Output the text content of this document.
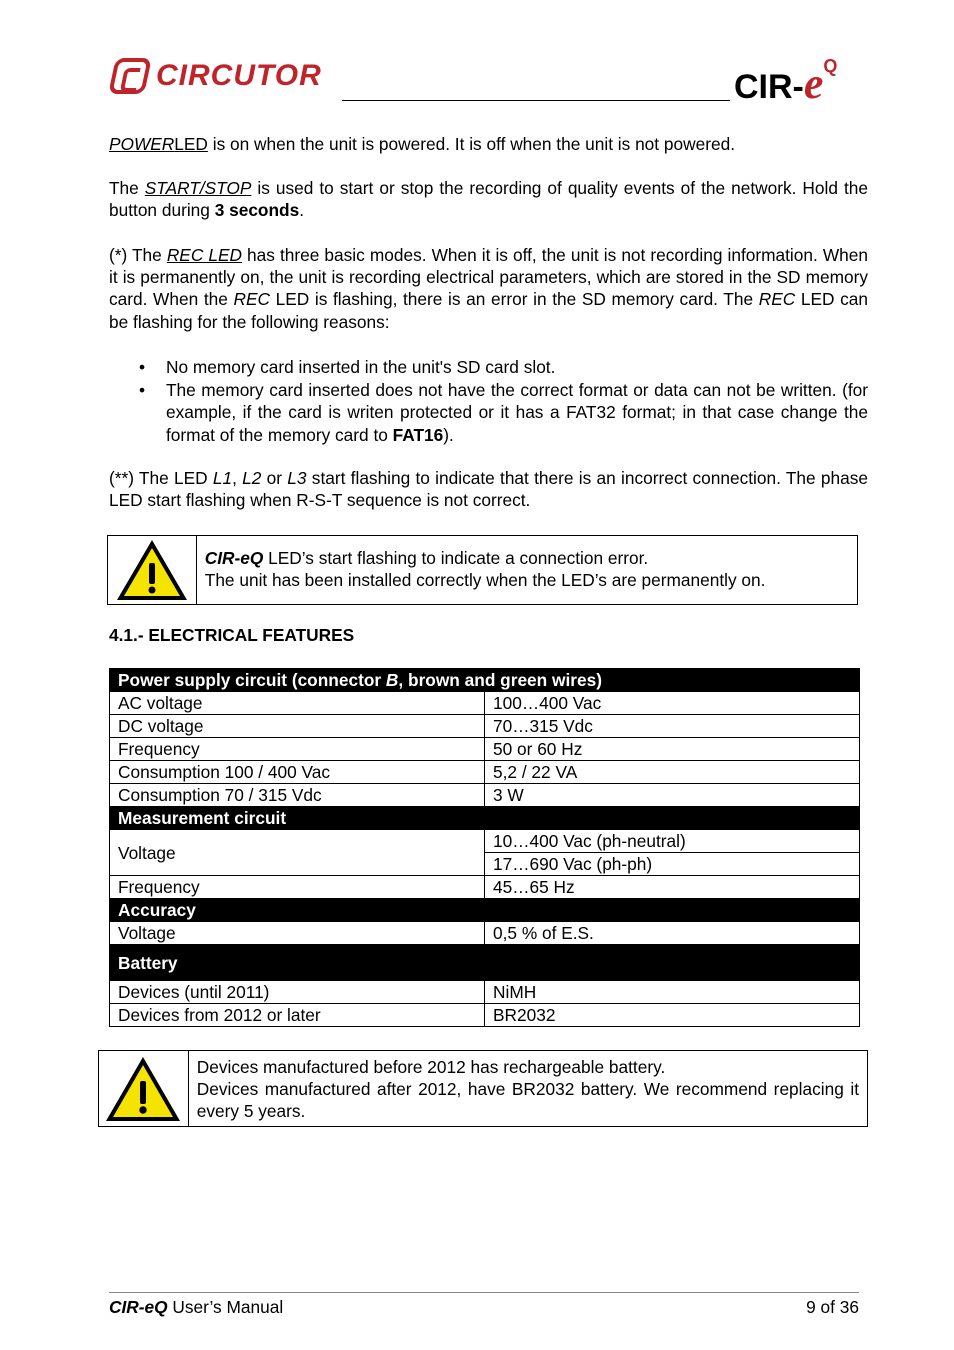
CIRCUTOR	CIR-$e^Q$
POWERLED is on when the unit is powered. It is off when the unit is not powered.
The START/STOP is used to start or stop the recording of quality events of the network. Hold the button during 3 seconds.
(*) The REC LED has three basic modes. When it is off, the unit is not recording information. When it is permanently on, the unit is recording electrical parameters, which are stored in the SD memory card. When the REC LED is flashing, there is an error in the SD memory card. The REC LED can be flashing for the following reasons:
• No memory card inserted in the unit's SD card slot.
• The memory card inserted does not have the correct format or data can not be written. (for example, if the card is writen protected or it has a FAT32 format; in that case change the format of the memory card to FAT16).
(**) The LED L1, L2 or L3 start flashing to indicate that there is an incorrect connection. The phase LED start flashing when R-S-T sequence is not correct.
CIR-eQ LED’s start flashing to indicate a connection error.
The unit has been installed correctly when the LED’s are permanently on.
4.1.- ELECTRICAL FEATURES
Power supply circuit (connector B, brown and green wires)	
AC voltage	100…400 Vac
DC voltage	70…315 Vdc
Frequency	50 or 60 Hz
Consumption 100 / 400 Vac	5,2 / 22 VA
Consumption 70 / 315 Vdc	3 W
Measurement circuit	
Voltage	10…400 Vac (ph-neutral)
	17…690 Vac (ph-ph)
Frequency	45…65 Hz
Accuracy	
Voltage	0,5 % of E.S.
Battery	
Devices (until 2011)	NiMH
Devices from 2012 or later	BR2032
Devices manufactured before 2012 has rechargeable battery.
Devices manufactured after 2012, have BR2032 battery. We recommend replacing it every 5 years.
CIR-eQ User’s Manual	9 of 36
